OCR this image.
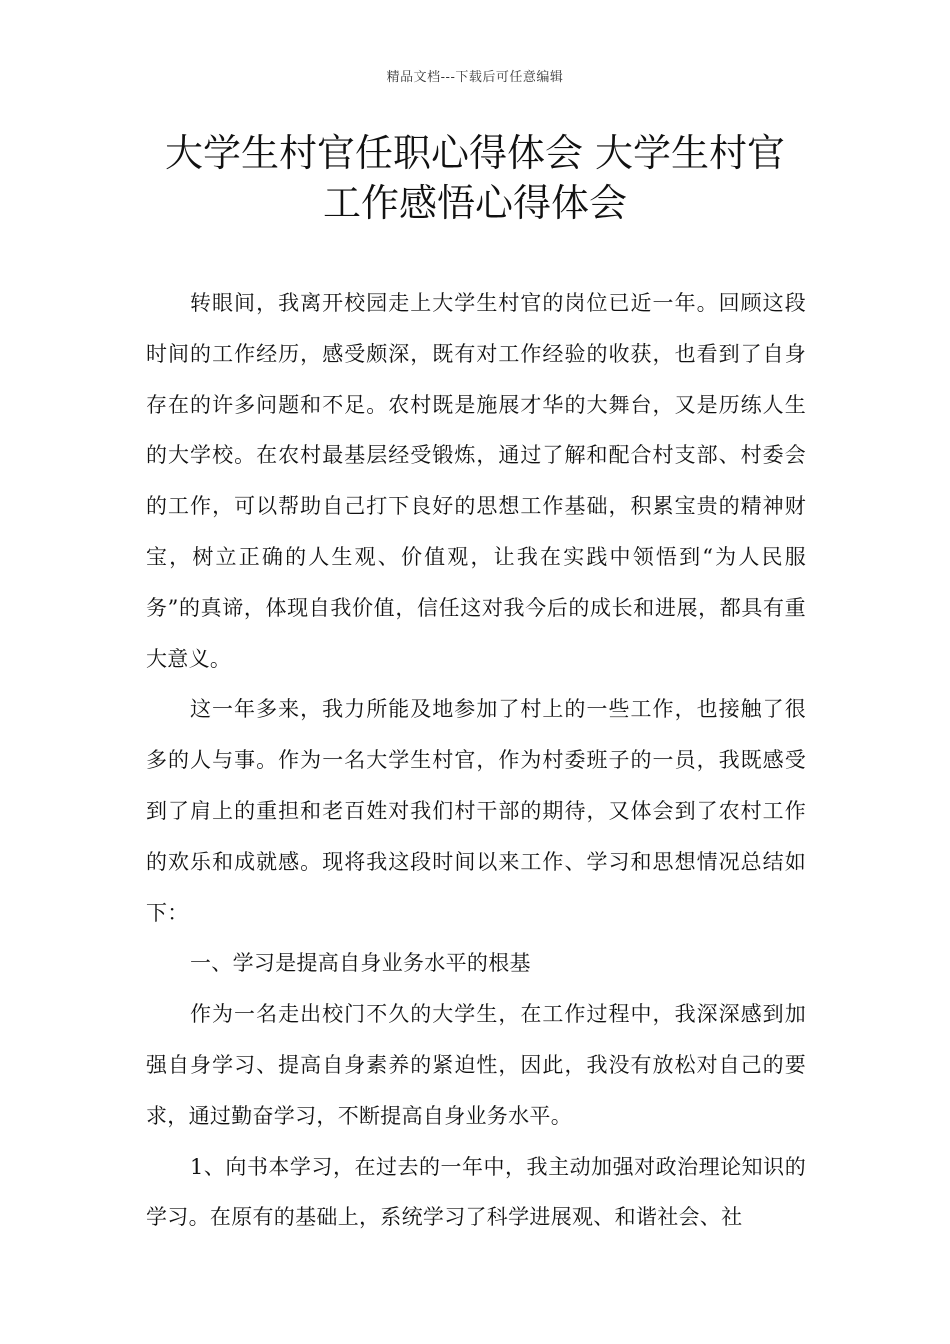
精品文档---下载后可任意编辑
大学生村官任职心得体会 大学生村官
工作感悟心得体会

转眼间，我离开校园走上大学生村官的岗位已近一年。回顾这段时间的工作经历，感受颇深，既有对工作经验的收获，也看到了自身存在的许多问题和不足。农村既是施展才华的大舞台，又是历练人生的大学校。在农村最基层经受锻炼，通过了解和配合村支部、村委会的工作，可以帮助自己打下良好的思想工作基础，积累宝贵的精神财宝，树立正确的人生观、价值观，让我在实践中领悟到“为人民服务”的真谛，体现自我价值，信任这对我今后的成长和进展，都具有重大意义。

这一年多来，我力所能及地参加了村上的一些工作，也接触了很多的人与事。作为一名大学生村官，作为村委班子的一员，我既感受到了肩上的重担和老百姓对我们村干部的期待，又体会到了农村工作的欢乐和成就感。现将我这段时间以来工作、学习和思想情况总结如下：

一、学习是提高自身业务水平的根基

作为一名走出校门不久的大学生，在工作过程中，我深深感到加强自身学习、提高自身素养的紧迫性，因此，我没有放松对自己的要求，通过勤奋学习，不断提高自身业务水平。

1、向书本学习，在过去的一年中，我主动加强对政治理论知识的学习。在原有的基础上，系统学习了科学进展观、和谐社会、社
